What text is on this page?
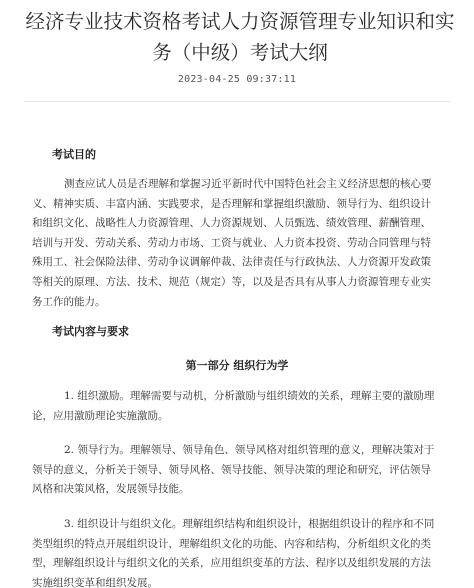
经济专业技术资格考试人力资源管理专业知识和实
务（中级）考试大纲
2023-04-25 09:37:11
考试目的
测查应试人员是否理解和掌握习近平新时代中国特色社会主义经济思想的核心要
义、精神实质、丰富内涵、实践要求，是否理解和掌握组织激励、领导行为、组织设计
和组织文化、战略性人力资源管理、人力资源规划、人员甄选、绩效管理、薪酬管理、
培训与开发、劳动关系、劳动力市场、工资与就业、人力资本投资、劳动合同管理与特
殊用工、社会保险法律、劳动争议调解仲裁、法律责任与行政执法、人力资源开发政策
等相关的原理、方法、技术、规范（规定）等，以及是否具有从事人力资源管理专业实
务工作的能力。
考试内容与要求
第一部分 组织行为学
1. 组织激励。理解需要与动机，分析激励与组织绩效的关系，理解主要的激励理
论，应用激励理论实施激励。
2. 领导行为。理解领导、领导角色、领导风格对组织管理的意义，理解决策对于
领导的意义，分析关于领导、领导风格、领导技能、领导决策的理论和研究，评估领导
风格和决策风格，发展领导技能。
3. 组织设计与组织文化。理解组织结构和组织设计，根据组织设计的程序和不同
类型组织的特点开展组织设计，理解组织文化的功能、内容和结构，分析组织文化的类
型，理解组织设计与组织文化的关系，应用组织变革的方法、程序以及组织发展的方法
实施组织变革和组织发展。
